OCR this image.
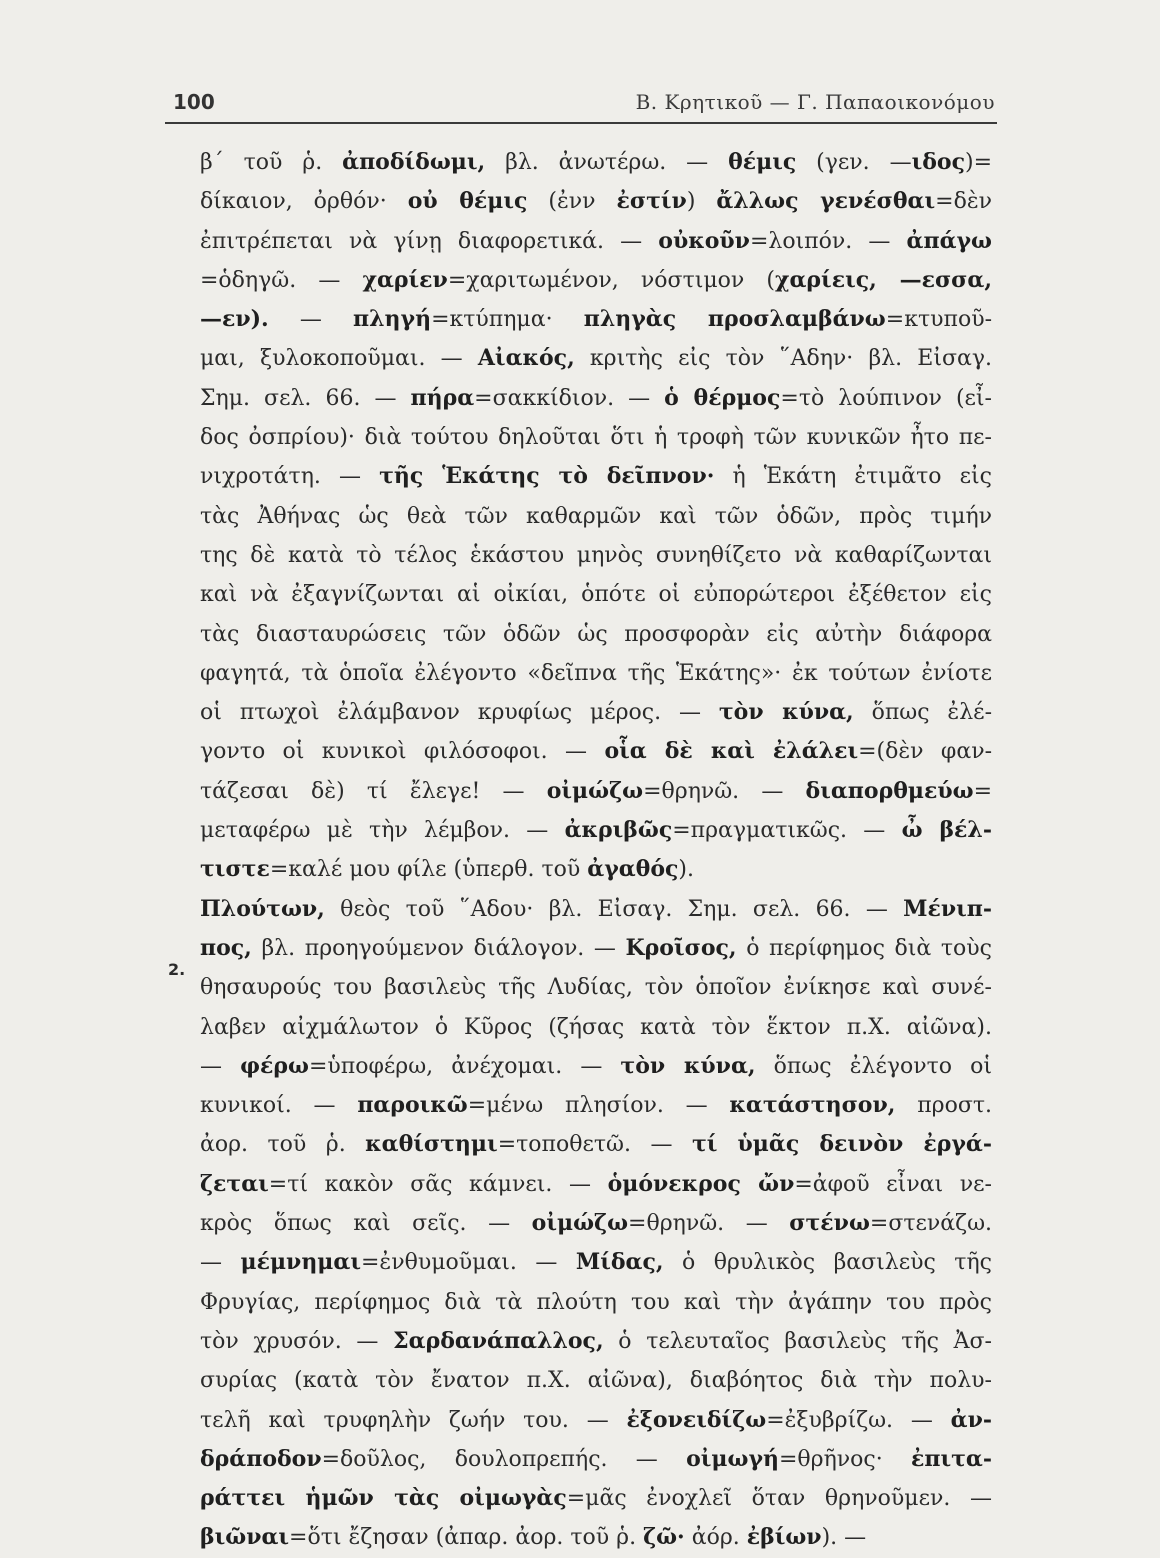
100	Β. Κρητικοῦ — Γ. Παπαοικονόμου
2.
β΄ τοῦ ῥ. ἀποδίδωμι, βλ. ἀνωτέρω. — θέμις (γεν. —ιδος)=
δίκαιον, ὀρθόν· οὐ θέμις (ἐνν ἐστίν) ἄλλως γενέσθαι=δὲν
ἐπιτρέπεται νὰ γίνῃ διαφορετικά. — οὐκοῦν=λοιπόν. — ἀπάγω
=ὁδηγῶ. — χαρίεν=χαριτωμένον, νόστιμον (χαρίεις, —εσσα,
—εν). — πληγή=κτύπημα· πληγὰς προσλαμβάνω=κτυποῦ-
μαι, ξυλοκοποῦμαι. — Αἰακός, κριτὴς εἰς τὸν ῞Αδην· βλ. Εἰσαγ.
Σημ. σελ. 66. — πήρα=σακκίδιον. — ὁ θέρμος=τὸ λούπινον (εἶ-
δος ὀσπρίου)· διὰ τούτου δηλοῦται ὅτι ἡ τροφὴ τῶν κυνικῶν ἦτο πε-
νιχροτάτη. — τῆς Ἑκάτης τὸ δεῖπνον· ἡ Ἑκάτη ἐτιμᾶτο εἰς
τὰς Ἀθήνας ὡς θεὰ τῶν καθαρμῶν καὶ τῶν ὁδῶν, πρὸς τιμήν
της δὲ κατὰ τὸ τέλος ἑκάστου μηνὸς συνηθίζετο νὰ καθαρίζωνται
καὶ νὰ ἐξαγνίζωνται αἱ οἰκίαι, ὁπότε οἱ εὐπορώτεροι ἐξέθετον εἰς
τὰς διασταυρώσεις τῶν ὁδῶν ὡς προσφορὰν εἰς αὐτὴν διάφορα
φαγητά, τὰ ὁποῖα ἐλέγοντο «δεῖπνα τῆς Ἑκάτης»· ἐκ τούτων ἐνίοτε
οἱ πτωχοὶ ἐλάμβανον κρυφίως μέρος. — τὸν κύνα, ὅπως ἐλέ-
γοντο οἱ κυνικοὶ φιλόσοφοι. — οἷα δὲ καὶ ἐλάλει=(δὲν φαν-
τάζεσαι δὲ) τί ἔλεγε! — οἰμώζω=θρηνῶ. — διαπορθμεύω=
μεταφέρω μὲ τὴν λέμβον. — ἀκριβῶς=πραγματικῶς. — ὦ βέλ-
τιστε=καλέ μου φίλε (ὑπερθ. τοῦ ἀγαθός).
Πλούτων, θεὸς τοῦ ῞Αδου· βλ. Εἰσαγ. Σημ. σελ. 66. — Μένιπ-
πος, βλ. προηγούμενον διάλογον. — Κροῖσος, ὁ περίφημος διὰ τοὺς
θησαυρούς του βασιλεὺς τῆς Λυδίας, τὸν ὁποῖον ἐνίκησε καὶ συνέ-
λαβεν αἰχμάλωτον ὁ Κῦρος (ζήσας κατὰ τὸν ἕκτον π.Χ. αἰῶνα).
— φέρω=ὑποφέρω, ἀνέχομαι. — τὸν κύνα, ὅπως ἐλέγοντο οἱ
κυνικοί. — παροικῶ=μένω πλησίον. — κατάστησον, προστ.
ἀορ. τοῦ ῥ. καθίστημι=τοποθετῶ. — τί ὑμᾶς δεινὸν ἐργά-
ζεται=τί κακὸν σᾶς κάμνει. — ὁμόνεκρος ὤν=ἀφοῦ εἶναι νε-
κρὸς ὅπως καὶ σεῖς. — οἰμώζω=θρηνῶ. — στένω=στενάζω.
— μέμνημαι=ἐνθυμοῦμαι. — Μίδας, ὁ θρυλικὸς βασιλεὺς τῆς
Φρυγίας, περίφημος διὰ τὰ πλούτη του καὶ τὴν ἀγάπην του πρὸς
τὸν χρυσόν. — Σαρδανάπαλλος, ὁ τελευταῖος βασιλεὺς τῆς Ἀσ-
συρίας (κατὰ τὸν ἔνατον π.Χ. αἰῶνα), διαβόητος διὰ τὴν πολυ-
τελῆ καὶ τρυφηλὴν ζωήν του. — ἐξονειδίζω=ἐξυβρίζω. — ἀν-
δράποδον=δοῦλος, δουλοπρεπής. — οἰμωγή=θρῆνος· ἐπιτα-
ράττει ἡμῶν τὰς οἰμωγὰς=μᾶς ἐνοχλεῖ ὅταν θρηνοῦμεν. —
βιῶναι=ὅτι ἔζησαν (ἀπαρ. ἀορ. τοῦ ῥ. ζῶ· ἀόρ. ἐβίων). —
